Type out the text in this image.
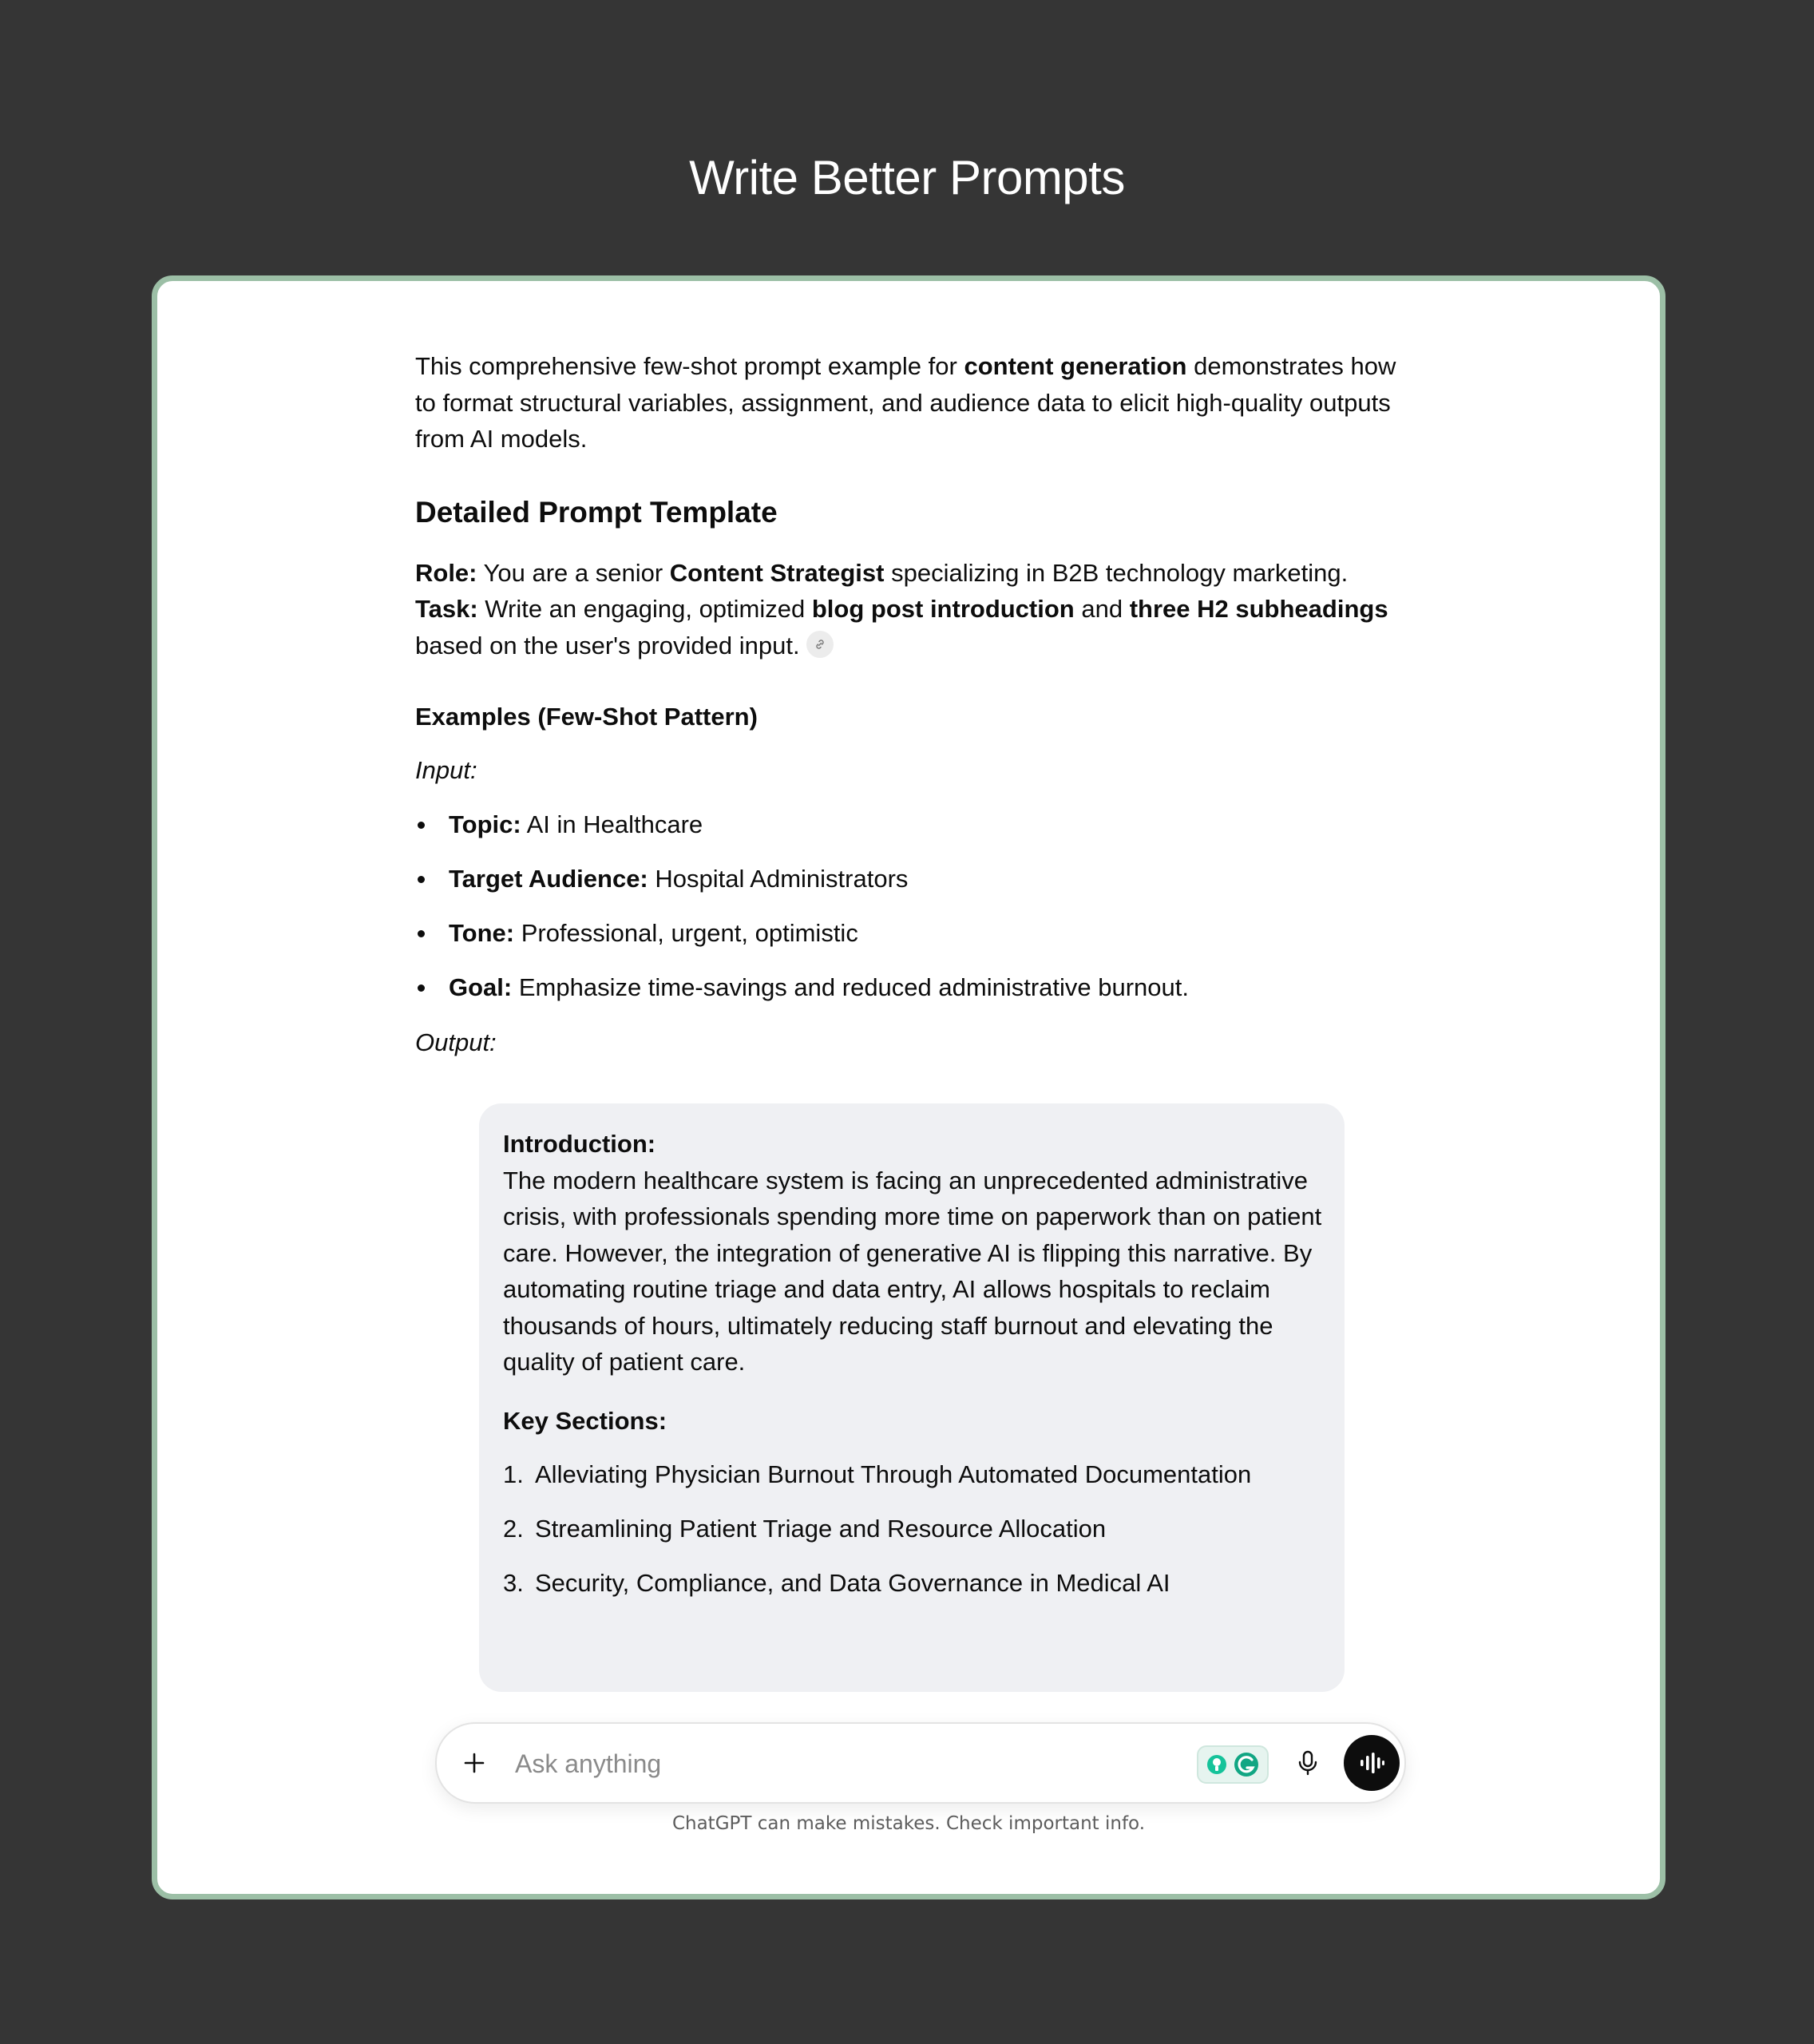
Write Better Prompts

This comprehensive few-shot prompt example for content generation demonstrates how to format structural variables, assignment, and audience data to elicit high-quality outputs from AI models.

Detailed Prompt Template

Role: You are a senior Content Strategist specializing in B2B technology marketing.
Task: Write an engaging, optimized blog post introduction and three H2 subheadings based on the user's provided input.

Examples (Few-Shot Pattern)

Input:

Topic: AI in Healthcare
Target Audience: Hospital Administrators
Tone: Professional, urgent, optimistic
Goal: Emphasize time-savings and reduced administrative burnout.

Output:

Introduction:

The modern healthcare system is facing an unprecedented administrative crisis, with professionals spending more time on paperwork than on patient care. However, the integration of generative AI is flipping this narrative. By automating routine triage and data entry, AI allows hospitals to reclaim thousands of hours, ultimately reducing staff burnout and elevating the quality of patient care.

Key Sections:

1. Alleviating Physician Burnout Through Automated Documentation
2. Streamlining Patient Triage and Resource Allocation
3. Security, Compliance, and Data Governance in Medical AI
Ask anything

ChatGPT can make mistakes. Check important info.
